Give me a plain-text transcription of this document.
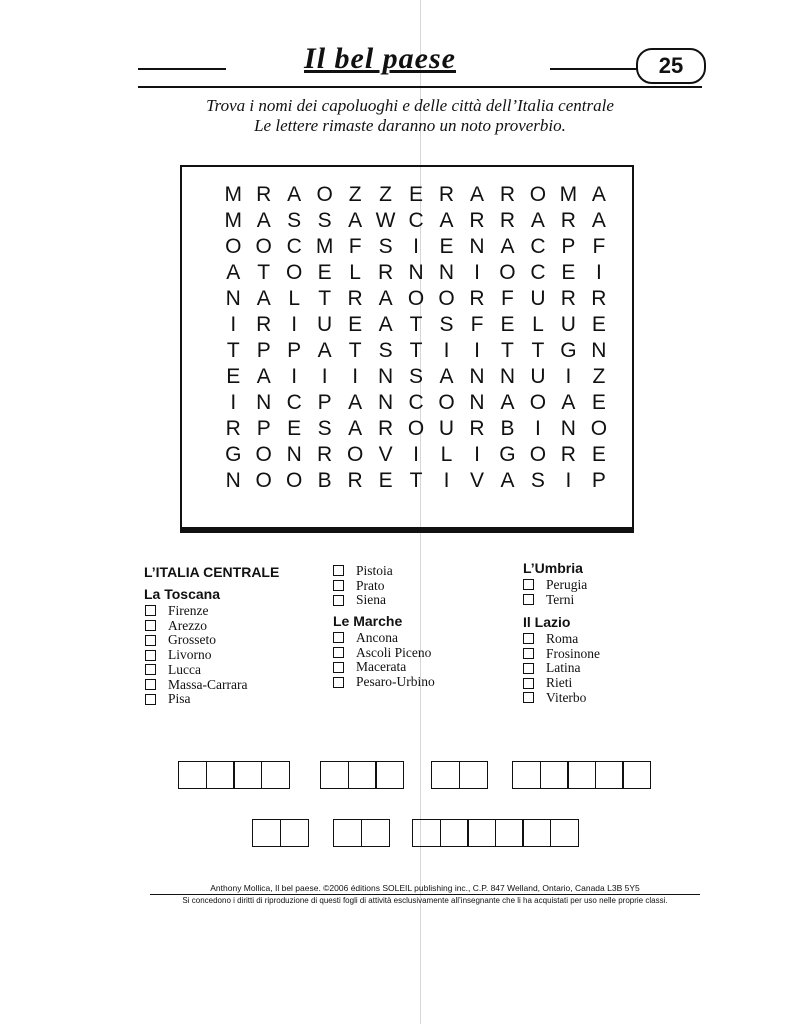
Il bel paese	25
Trova i nomi dei capoluoghi e delle città dell’Italia centrale
Le lettere rimaste daranno un noto proverbio.
M R A O Z Z E R A R O M A
M A S S A W C A R R A R A
O O C M F S I E N A C P F
A T O E L R N N I O C E I
N A L T R A O O R F U R R
I R I U E A T S F E L U E
T P P A T S T	I	I	T T G N
E A I	I	I N S A N N U I	Z
I N C P A N C O N A O A E
R P E S A R O U R B I N O
G O N R O V I	L	I G O R E
N O O B R E T	I V A S I P
L’ITALIA CENTRALE
La Toscana
Firenze
Arezzo
Grosseto
Livorno
Lucca
Massa-Carrara
Pisa
Pistoia
Prato
Siena
Le Marche
Ancona
Ascoli Piceno
Macerata
Pesaro-Urbino
L’Umbria
Perugia
Terni
Il Lazio
Roma
Frosinone
Latina
Rieti
Viterbo
Anthony Mollica, Il bel paese. ©2006 éditions SOLEIL publishing inc., C.P. 847 Welland, Ontario, Canada L3B 5Y5
Si concedono i diritti di riproduzione di questi fogli di attività esclusivamente all’insegnante che li ha acquistati per uso nelle proprie classi.
